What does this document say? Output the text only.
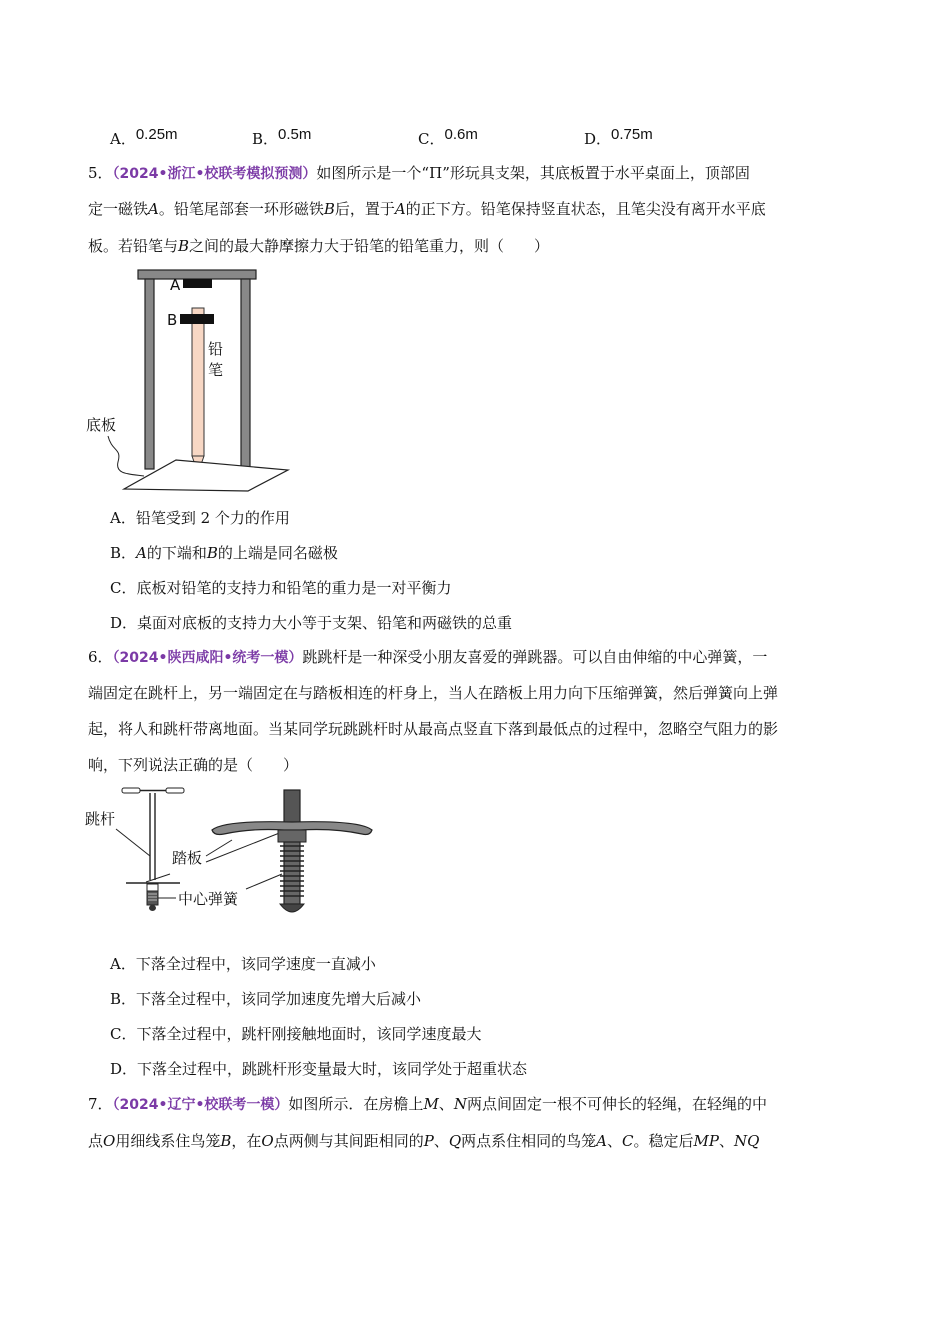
A．0.25m	B．0.5m	C．0.6m	D．0.75m
5．（2024•浙江•校联考模拟预测）如图所示是一个“Π”形玩具支架，其底板置于水平桌面上，顶部固
定一磁铁A。铅笔尾部套一环形磁铁B后，置于A的正下方。铅笔保持竖直状态，且笔尖没有离开水平底
板。若铅笔与B之间的最大静摩擦力大于铅笔的铅笔重力，则（　　）
A
B
铅
笔
底板
A．铅笔受到 2 个力的作用
B．A的下端和B的上端是同名磁极
C．底板对铅笔的支持力和铅笔的重力是一对平衡力
D．桌面对底板的支持力大小等于支架、铅笔和两磁铁的总重
6．（2024•陕西咸阳•统考一模）跳跳杆是一种深受小朋友喜爱的弹跳器。可以自由伸缩的中心弹簧，一
端固定在跳杆上，另一端固定在与踏板相连的杆身上，当人在踏板上用力向下压缩弹簧，然后弹簧向上弹
起，将人和跳杆带离地面。当某同学玩跳跳杆时从最高点竖直下落到最低点的过程中，忽略空气阻力的影
响，下列说法正确的是（　　）
跳杆
踏板
中心弹簧
A．下落全过程中，该同学速度一直减小
B．下落全过程中，该同学加速度先增大后减小
C．下落全过程中，跳杆刚接触地面时，该同学速度最大
D．下落全过程中，跳跳杆形变量最大时，该同学处于超重状态
7．（2024•辽宁•校联考一模）如图所示．在房檐上M、N两点间固定一根不可伸长的轻绳，在轻绳的中
点O用细线系住鸟笼B，在O点两侧与其间距相同的P、Q两点系住相同的鸟笼A、C。稳定后MP、NQ
